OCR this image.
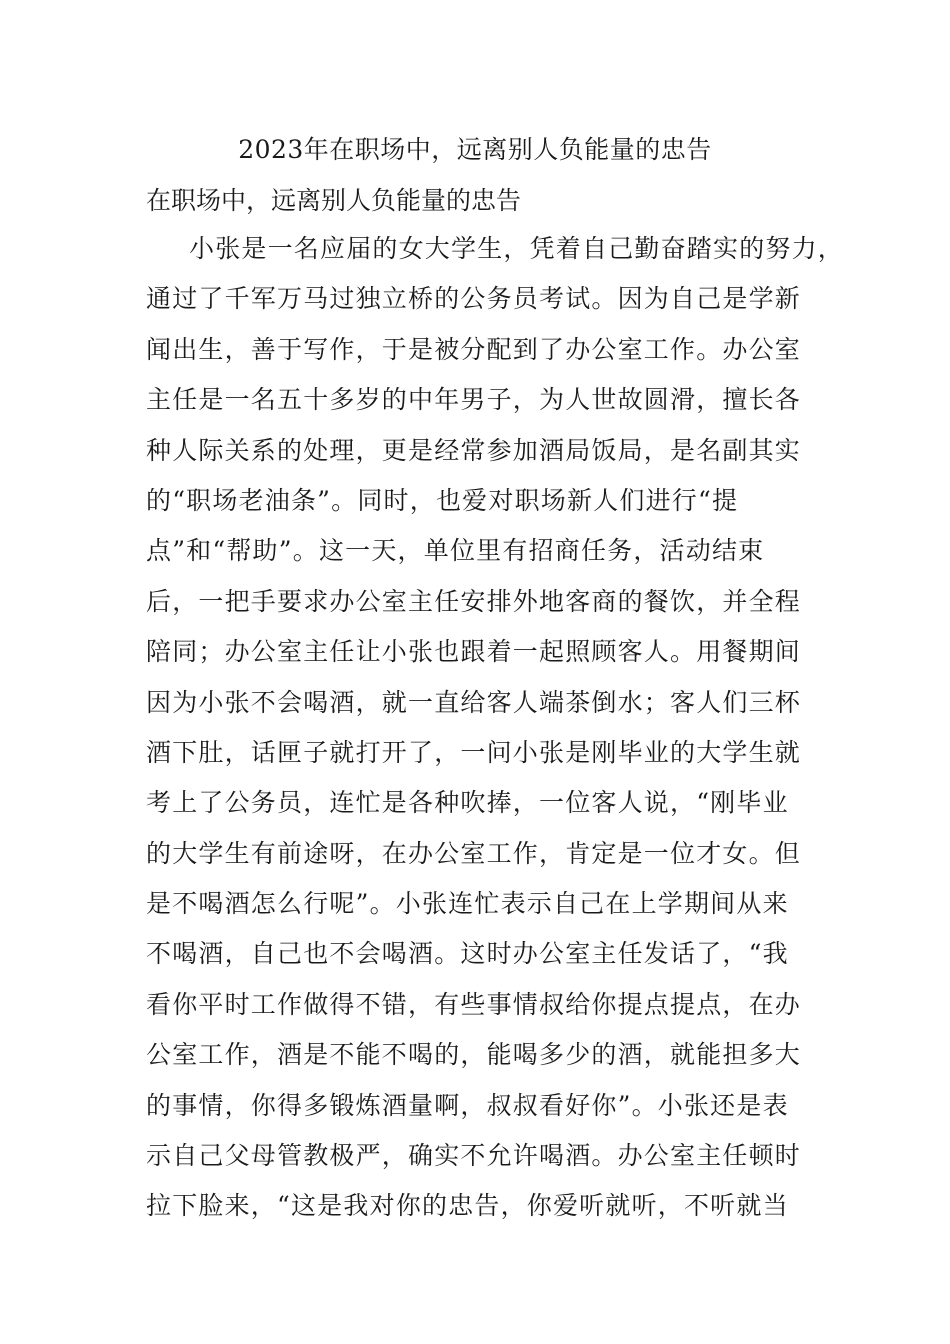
2023年在职场中，远离别人负能量的忠告
在职场中，远离别人负能量的忠告
小张是一名应届的女大学生，凭着自己勤奋踏实的努力，
通过了千军万马过独立桥的公务员考试。因为自己是学新
闻出生，善于写作，于是被分配到了办公室工作。办公室
主任是一名五十多岁的中年男子，为人世故圆滑，擅长各
种人际关系的处理，更是经常参加酒局饭局，是名副其实
的“职场老油条”。同时，也爱对职场新人们进行“提
点”和“帮助”。这一天，单位里有招商任务，活动结束
后，一把手要求办公室主任安排外地客商的餐饮，并全程
陪同；办公室主任让小张也跟着一起照顾客人。用餐期间
因为小张不会喝酒，就一直给客人端茶倒水；客人们三杯
酒下肚，话匣子就打开了，一问小张是刚毕业的大学生就
考上了公务员，连忙是各种吹捧，一位客人说，“刚毕业
的大学生有前途呀，在办公室工作，肯定是一位才女。但
是不喝酒怎么行呢”。小张连忙表示自己在上学期间从来
不喝酒，自己也不会喝酒。这时办公室主任发话了，“我
看你平时工作做得不错，有些事情叔给你提点提点，在办
公室工作，酒是不能不喝的，能喝多少的酒，就能担多大
的事情，你得多锻炼酒量啊，叔叔看好你”。小张还是表
示自己父母管教极严，确实不允许喝酒。办公室主任顿时
拉下脸来，“这是我对你的忠告，你爱听就听，不听就当
